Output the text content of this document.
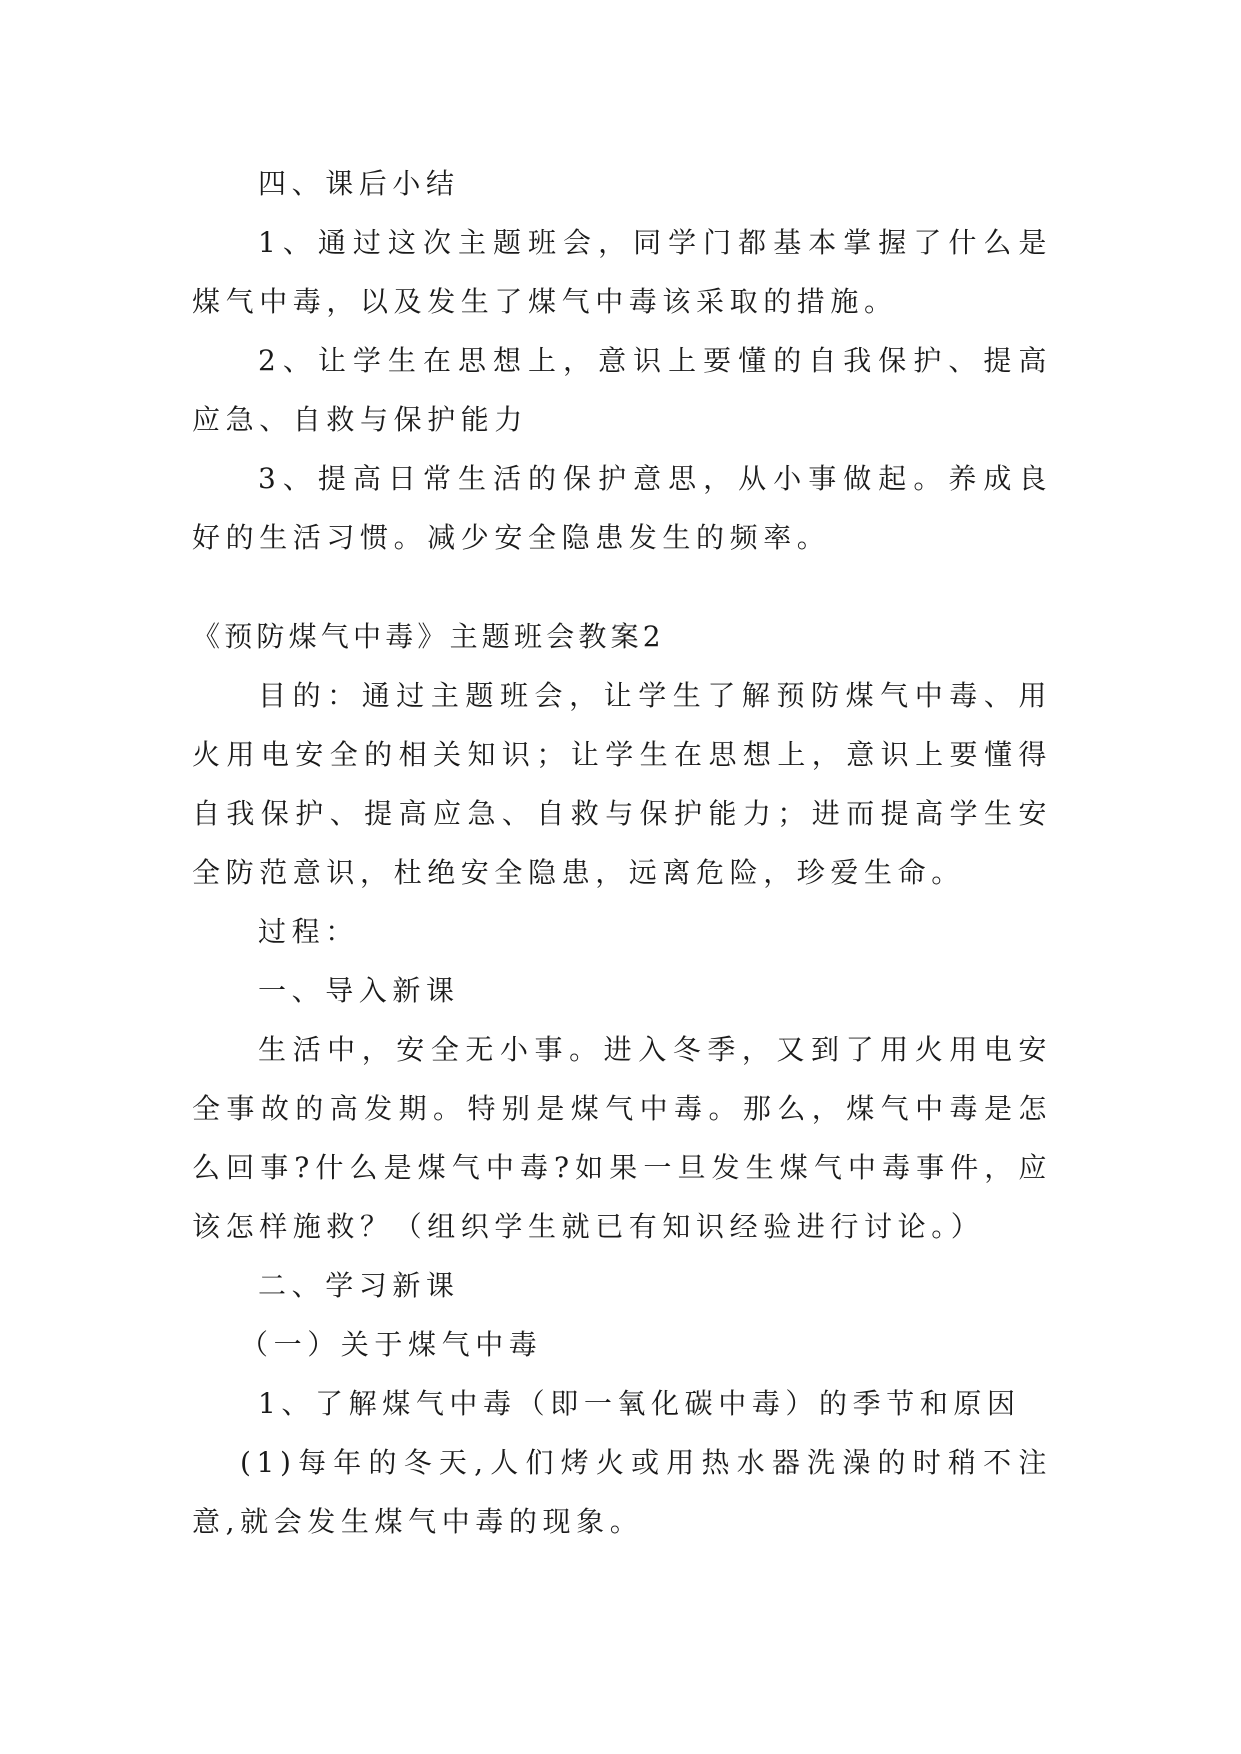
四、课后小结

1、通过这次主题班会，同学门都基本掌握了什么是煤气中毒，以及发生了煤气中毒该采取的措施。

2、让学生在思想上，意识上要懂的自我保护、提高应急、自救与保护能力

3、提高日常生活的保护意思，从小事做起。养成良好的生活习惯。减少安全隐患发生的频率。

《预防煤气中毒》主题班会教案2

目的：通过主题班会，让学生了解预防煤气中毒、用火用电安全的相关知识；让学生在思想上，意识上要懂得自我保护、提高应急、自救与保护能力；进而提高学生安全防范意识，杜绝安全隐患，远离危险，珍爱生命。

过程：

一、导入新课

生活中，安全无小事。进入冬季，又到了用火用电安全事故的高发期。特别是煤气中毒。那么，煤气中毒是怎么回事?什么是煤气中毒?如果一旦发生煤气中毒事件，应该怎样施救？（组织学生就已有知识经验进行讨论。）

二、学习新课

（一）关于煤气中毒

1、了解煤气中毒（即一氧化碳中毒）的季节和原因

(1)每年的冬天,人们烤火或用热水器洗澡的时稍不注意,就会发生煤气中毒的现象。
